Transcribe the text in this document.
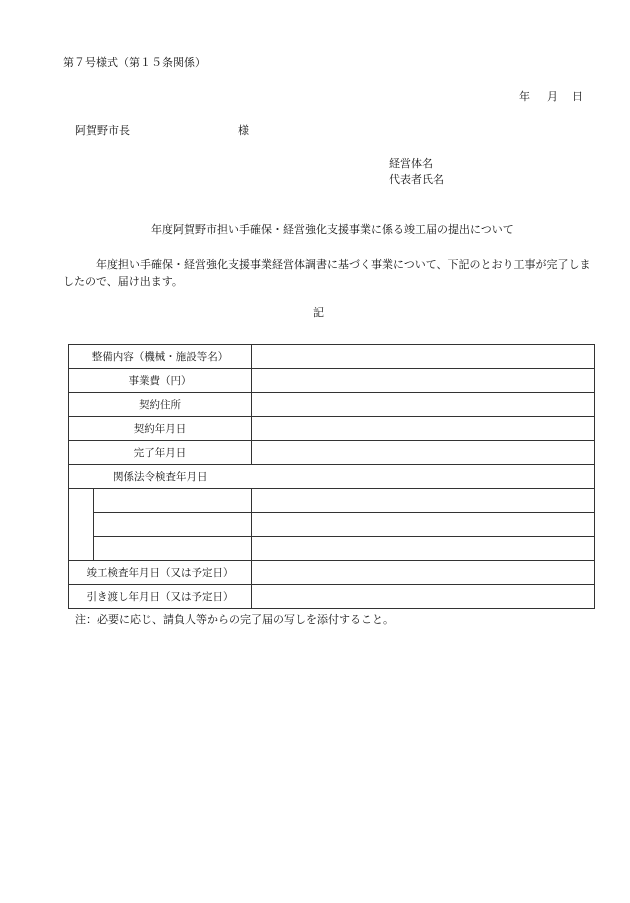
第７号様式（第１５条関係）
年 月 日
阿賀野市長	様
経営体名
代表者氏名
年度阿賀野市担い手確保・経営強化支援事業に係る竣工届の提出について
年度担い手確保・経営強化支援事業経営体調書に基づく事業について、下記のとおり工事が完了しましたので、届け出ます。
記
整備内容（機械・施設等名）		
事業費（円）		
契約住所		
契約年月日		
完了年月日		
関係法令検査年月日		

竣工検査年月日（又は予定日）		
引き渡し年月日（又は予定日）		
注：必要に応じ、請負人等からの完了届の写しを添付すること。
